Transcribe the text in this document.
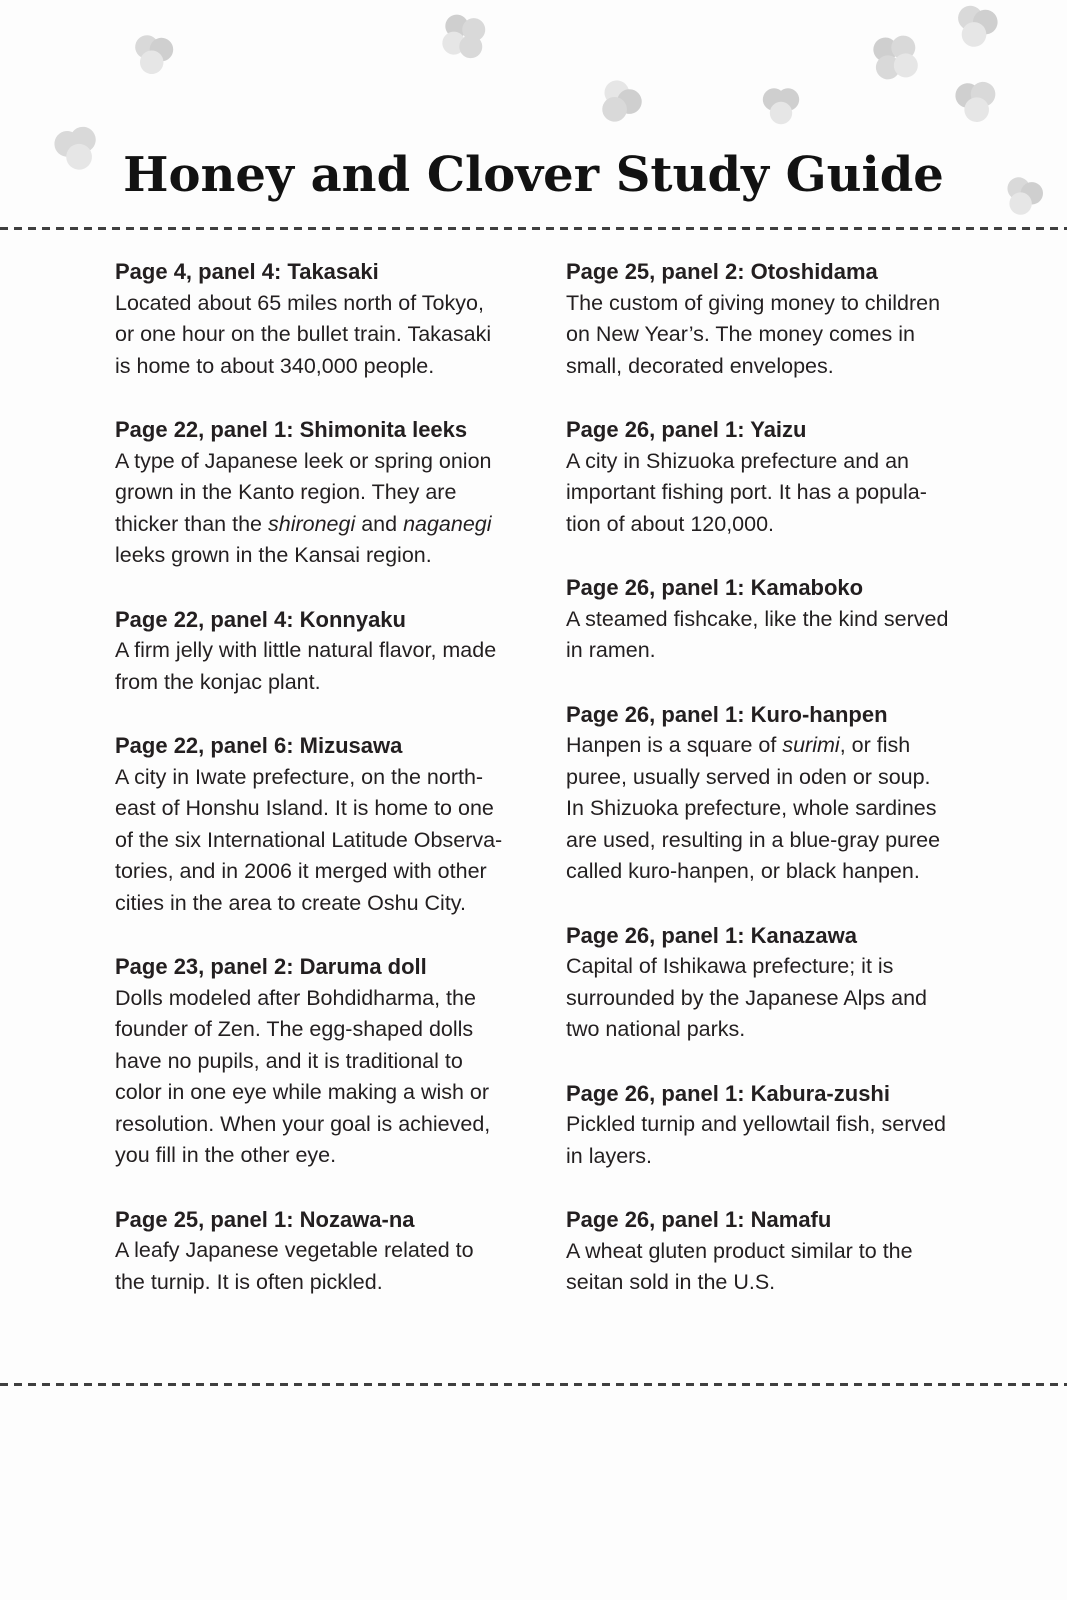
Honey and Clover Study Guide
Page 4, panel 4: Takasaki
Located about 65 miles north of Tokyo,
or one hour on the bullet train. Takasaki
is home to about 340,000 people.
Page 22, panel 1: Shimonita leeks
A type of Japanese leek or spring onion
grown in the Kanto region. They are
thicker than the shironegi and naganegi
leeks grown in the Kansai region.
Page 22, panel 4: Konnyaku
A firm jelly with little natural flavor, made
from the konjac plant.
Page 22, panel 6: Mizusawa
A city in Iwate prefecture, on the north-
east of Honshu Island. It is home to one
of the six International Latitude Observa-
tories, and in 2006 it merged with other
cities in the area to create Oshu City.
Page 23, panel 2: Daruma doll
Dolls modeled after Bohdidharma, the
founder of Zen. The egg-shaped dolls
have no pupils, and it is traditional to
color in one eye while making a wish or
resolution. When your goal is achieved,
you fill in the other eye.
Page 25, panel 1: Nozawa-na
A leafy Japanese vegetable related to
the turnip. It is often pickled.
Page 25, panel 2: Otoshidama
The custom of giving money to children
on New Year’s. The money comes in
small, decorated envelopes.
Page 26, panel 1: Yaizu
A city in Shizuoka prefecture and an
important fishing port. It has a popula-
tion of about 120,000.
Page 26, panel 1: Kamaboko
A steamed fishcake, like the kind served
in ramen.
Page 26, panel 1: Kuro-hanpen
Hanpen is a square of surimi, or fish
puree, usually served in oden or soup.
In Shizuoka prefecture, whole sardines
are used, resulting in a blue-gray puree
called kuro-hanpen, or black hanpen.
Page 26, panel 1: Kanazawa
Capital of Ishikawa prefecture; it is
surrounded by the Japanese Alps and
two national parks.
Page 26, panel 1: Kabura-zushi
Pickled turnip and yellowtail fish, served
in layers.
Page 26, panel 1: Namafu
A wheat gluten product similar to the
seitan sold in the U.S.
